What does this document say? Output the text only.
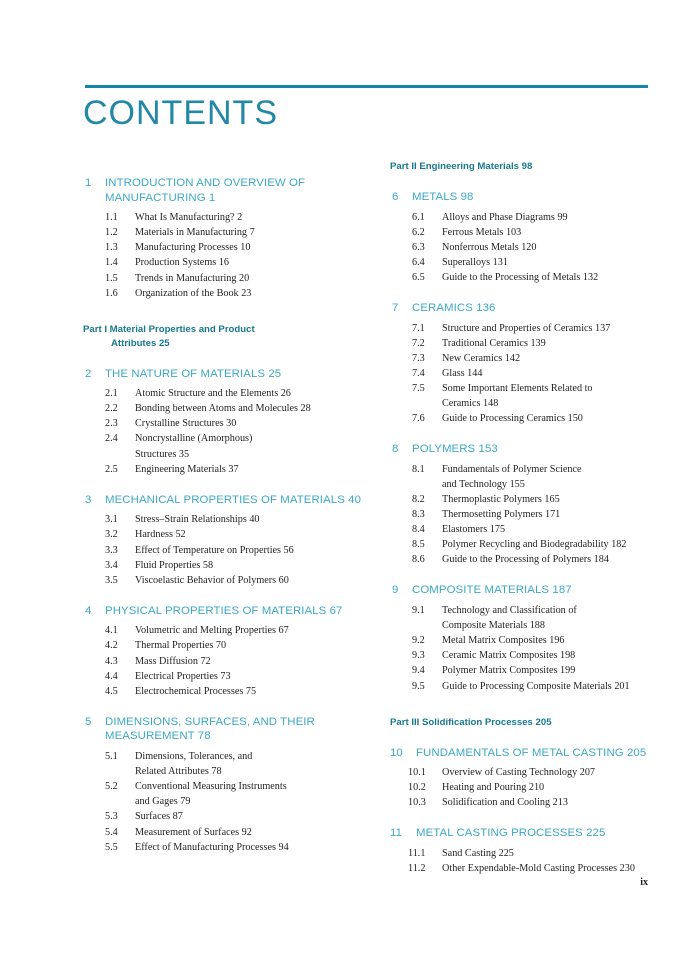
CONTENTS
1	INTRODUCTION AND OVERVIEW OF MANUFACTURING 1
1.1	What Is Manufacturing? 2
1.2	Materials in Manufacturing 7
1.3	Manufacturing Processes 10
1.4	Production Systems 16
1.5	Trends in Manufacturing 20
1.6	Organization of the Book 23
Part I Material Properties and Product
Attributes 25
2	THE NATURE OF MATERIALS 25
2.1	Atomic Structure and the Elements 26
2.2	Bonding between Atoms and Molecules 28
2.3	Crystalline Structures 30
2.4	Noncrystalline (Amorphous)
Structures 35
2.5	Engineering Materials 37
3	MECHANICAL PROPERTIES OF MATERIALS 40
3.1	Stress–Strain Relationships 40
3.2	Hardness 52
3.3	Effect of Temperature on Properties 56
3.4	Fluid Properties 58
3.5	Viscoelastic Behavior of Polymers 60
4	PHYSICAL PROPERTIES OF MATERIALS 67
4.1	Volumetric and Melting Properties 67
4.2	Thermal Properties 70
4.3	Mass Diffusion 72
4.4	Electrical Properties 73
4.5	Electrochemical Processes 75
5	DIMENSIONS, SURFACES, AND THEIR MEASUREMENT 78
5.1	Dimensions, Tolerances, and
Related Attributes 78
5.2	Conventional Measuring Instruments
and Gages 79
5.3	Surfaces 87
5.4	Measurement of Surfaces 92
5.5	Effect of Manufacturing Processes 94
Part II Engineering Materials 98
6	METALS 98
6.1	Alloys and Phase Diagrams 99
6.2	Ferrous Metals 103
6.3	Nonferrous Metals 120
6.4	Superalloys 131
6.5	Guide to the Processing of Metals 132
7	CERAMICS 136
7.1	Structure and Properties of Ceramics 137
7.2	Traditional Ceramics 139
7.3	New Ceramics 142
7.4	Glass 144
7.5	Some Important Elements Related to
Ceramics 148
7.6	Guide to Processing Ceramics 150
8	POLYMERS 153
8.1	Fundamentals of Polymer Science
and Technology 155
8.2	Thermoplastic Polymers 165
8.3	Thermosetting Polymers 171
8.4	Elastomers 175
8.5	Polymer Recycling and Biodegradability 182
8.6	Guide to the Processing of Polymers 184
9	COMPOSITE MATERIALS 187
9.1	Technology and Classification of
Composite Materials 188
9.2	Metal Matrix Composites 196
9.3	Ceramic Matrix Composites 198
9.4	Polymer Matrix Composites 199
9.5	Guide to Processing Composite Materials 201
Part III Solidification Processes 205
10	FUNDAMENTALS OF METAL CASTING 205
10.1	Overview of Casting Technology 207
10.2	Heating and Pouring 210
10.3	Solidification and Cooling 213
11	METAL CASTING PROCESSES 225
11.1	Sand Casting 225
11.2	Other Expendable-Mold Casting Processes 230
ix
